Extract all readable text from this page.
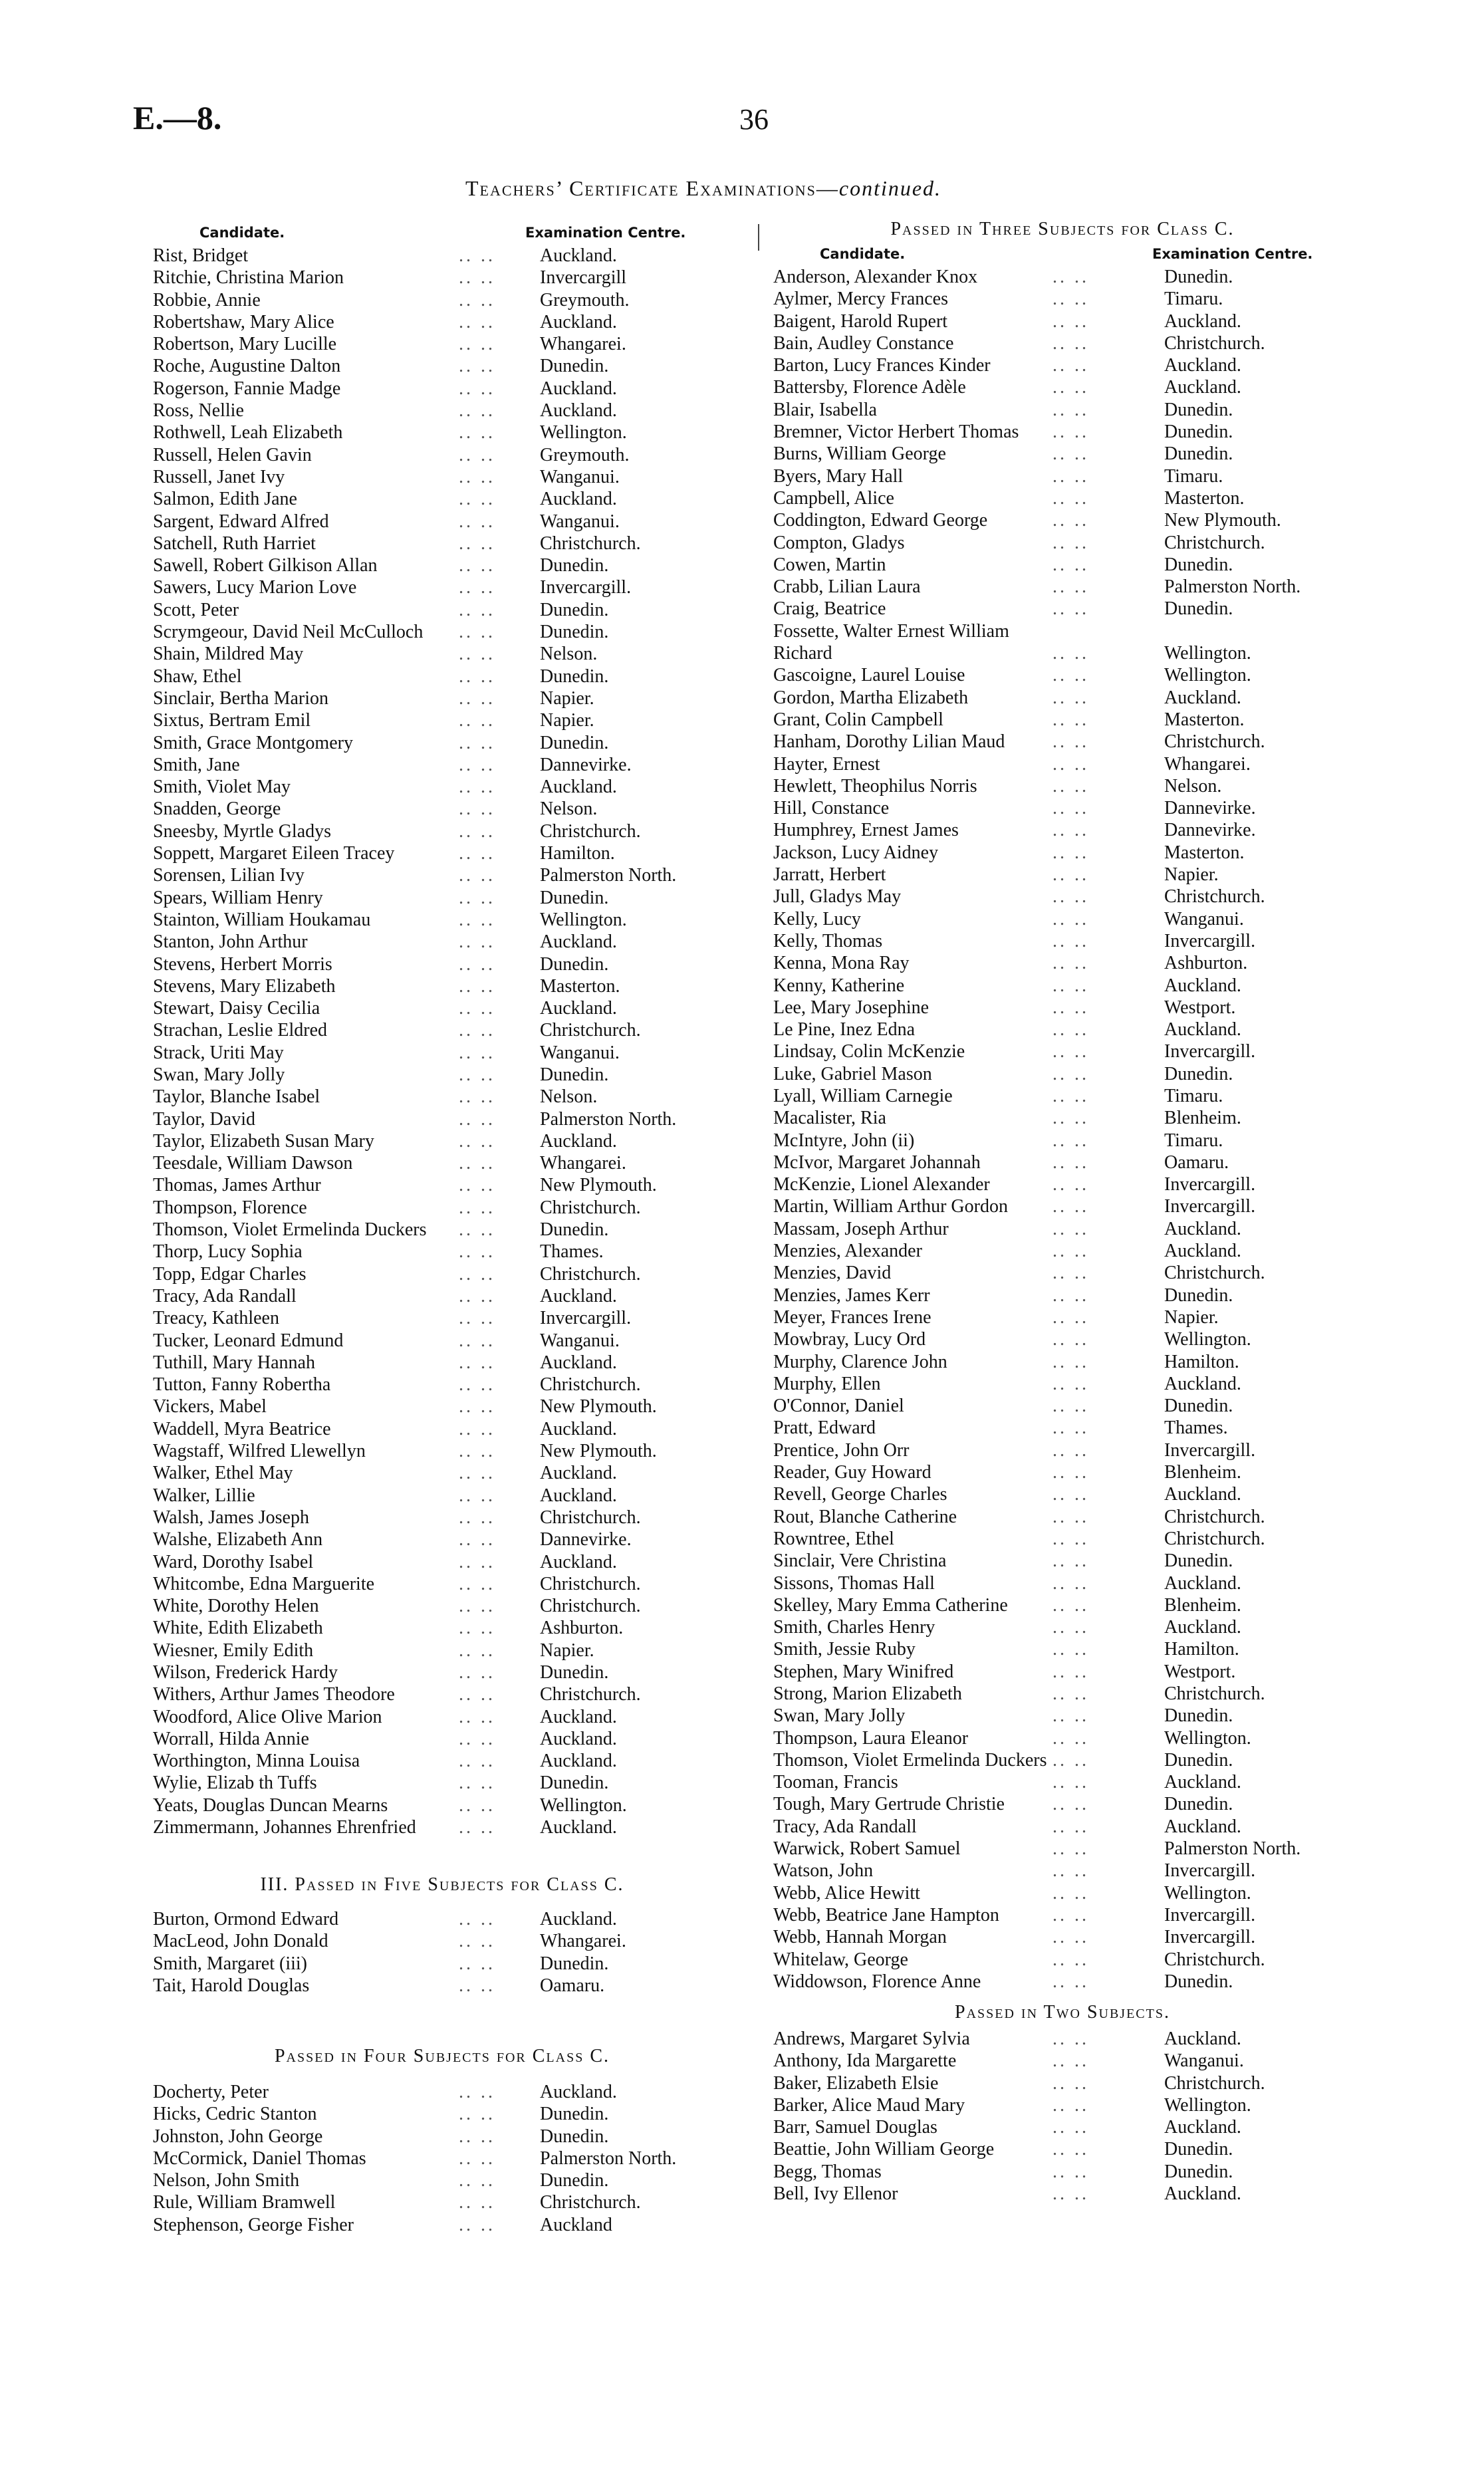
E.—8.	36
Teachers’ Certificate Examinations—continued.
Candidate.	Examination Centre.
Rist, Bridget	.. ..	Auckland.
Ritchie, Christina Marion	.. ..	Invercargill
Robbie, Annie	.. ..	Greymouth.
Robertshaw, Mary Alice	.. ..	Auckland.
Robertson, Mary Lucille	.. ..	Whangarei.
Roche, Augustine Dalton	.. ..	Dunedin.
Rogerson, Fannie Madge	.. ..	Auckland.
Ross, Nellie	.. ..	Auckland.
Rothwell, Leah Elizabeth	.. ..	Wellington.
Russell, Helen Gavin	.. ..	Greymouth.
Russell, Janet Ivy	.. ..	Wanganui.
Salmon, Edith Jane	.. ..	Auckland.
Sargent, Edward Alfred	.. ..	Wanganui.
Satchell, Ruth Harriet	.. ..	Christchurch.
Sawell, Robert Gilkison Allan	.. ..	Dunedin.
Sawers, Lucy Marion Love	.. ..	Invercargill.
Scott, Peter	.. ..	Dunedin.
Scrymgeour, David Neil McCulloch	.. ..	Dunedin.
Shain, Mildred May	.. ..	Nelson.
Shaw, Ethel	.. ..	Dunedin.
Sinclair, Bertha Marion	.. ..	Napier.
Sixtus, Bertram Emil	.. ..	Napier.
Smith, Grace Montgomery	.. ..	Dunedin.
Smith, Jane	.. ..	Dannevirke.
Smith, Violet May	.. ..	Auckland.
Snadden, George	.. ..	Nelson.
Sneesby, Myrtle Gladys	.. ..	Christchurch.
Soppett, Margaret Eileen Tracey	.. ..	Hamilton.
Sorensen, Lilian Ivy	.. ..	Palmerston North.
Spears, William Henry	.. ..	Dunedin.
Stainton, William Houkamau	.. ..	Wellington.
Stanton, John Arthur	.. ..	Auckland.
Stevens, Herbert Morris	.. ..	Dunedin.
Stevens, Mary Elizabeth	.. ..	Masterton.
Stewart, Daisy Cecilia	.. ..	Auckland.
Strachan, Leslie Eldred	.. ..	Christchurch.
Strack, Uriti May	.. ..	Wanganui.
Swan, Mary Jolly	.. ..	Dunedin.
Taylor, Blanche Isabel	.. ..	Nelson.
Taylor, David	.. ..	Palmerston North.
Taylor, Elizabeth Susan Mary	.. ..	Auckland.
Teesdale, William Dawson	.. ..	Whangarei.
Thomas, James Arthur	.. ..	New Plymouth.
Thompson, Florence	.. ..	Christchurch.
Thomson, Violet Ermelinda Duckers	.. ..	Dunedin.
Thorp, Lucy Sophia	.. ..	Thames.
Topp, Edgar Charles	.. ..	Christchurch.
Tracy, Ada Randall	.. ..	Auckland.
Treacy, Kathleen	.. ..	Invercargill.
Tucker, Leonard Edmund	.. ..	Wanganui.
Tuthill, Mary Hannah	.. ..	Auckland.
Tutton, Fanny Robertha	.. ..	Christchurch.
Vickers, Mabel	.. ..	New Plymouth.
Waddell, Myra Beatrice	.. ..	Auckland.
Wagstaff, Wilfred Llewellyn	.. ..	New Plymouth.
Walker, Ethel May	.. ..	Auckland.
Walker, Lillie	.. ..	Auckland.
Walsh, James Joseph	.. ..	Christchurch.
Walshe, Elizabeth Ann	.. ..	Dannevirke.
Ward, Dorothy Isabel	.. ..	Auckland.
Whitcombe, Edna Marguerite	.. ..	Christchurch.
White, Dorothy Helen	.. ..	Christchurch.
White, Edith Elizabeth	.. ..	Ashburton.
Wiesner, Emily Edith	.. ..	Napier.
Wilson, Frederick Hardy	.. ..	Dunedin.
Withers, Arthur James Theodore	.. ..	Christchurch.
Woodford, Alice Olive Marion	.. ..	Auckland.
Worrall, Hilda Annie	.. ..	Auckland.
Worthington, Minna Louisa	.. ..	Auckland.
Wylie, Elizab th Tuffs	.. ..	Dunedin.
Yeats, Douglas Duncan Mearns	.. ..	Wellington.
Zimmermann, Johannes Ehrenfried	.. ..	Auckland.
III. Passed in Five Subjects for Class C.
Burton, Ormond Edward	.. ..	Auckland.
MacLeod, John Donald	.. ..	Whangarei.
Smith, Margaret (iii)	.. ..	Dunedin.
Tait, Harold Douglas	.. ..	Oamaru.
Passed in Four Subjects for Class C.
Docherty, Peter	.. ..	Auckland.
Hicks, Cedric Stanton	.. ..	Dunedin.
Johnston, John George	.. ..	Dunedin.
McCormick, Daniel Thomas	.. ..	Palmerston North.
Nelson, John Smith	.. ..	Dunedin.
Rule, William Bramwell	.. ..	Christchurch.
Stephenson, George Fisher	.. ..	Auckland
Passed in Three Subjects for Class C.
Candidate.	Examination Centre.
Anderson, Alexander Knox	.. ..	Dunedin.
Aylmer, Mercy Frances	.. ..	Timaru.
Baigent, Harold Rupert	.. ..	Auckland.
Bain, Audley Constance	.. ..	Christchurch.
Barton, Lucy Frances Kinder	.. ..	Auckland.
Battersby, Florence Adèle	.. ..	Auckland.
Blair, Isabella	.. ..	Dunedin.
Bremner, Victor Herbert Thomas	.. ..	Dunedin.
Burns, William George	.. ..	Dunedin.
Byers, Mary Hall	.. ..	Timaru.
Campbell, Alice	.. ..	Masterton.
Coddington, Edward George	.. ..	New Plymouth.
Compton, Gladys	.. ..	Christchurch.
Cowen, Martin	.. ..	Dunedin.
Crabb, Lilian Laura	.. ..	Palmerston North.
Craig, Beatrice	.. ..	Dunedin.
Fossette, Walter Ernest William
Richard	.. ..	Wellington.
Gascoigne, Laurel Louise	.. ..	Wellington.
Gordon, Martha Elizabeth	.. ..	Auckland.
Grant, Colin Campbell	.. ..	Masterton.
Hanham, Dorothy Lilian Maud	.. ..	Christchurch.
Hayter, Ernest	.. ..	Whangarei.
Hewlett, Theophilus Norris	.. ..	Nelson.
Hill, Constance	.. ..	Dannevirke.
Humphrey, Ernest James	.. ..	Dannevirke.
Jackson, Lucy Aidney	.. ..	Masterton.
Jarratt, Herbert	.. ..	Napier.
Jull, Gladys May	.. ..	Christchurch.
Kelly, Lucy	.. ..	Wanganui.
Kelly, Thomas	.. ..	Invercargill.
Kenna, Mona Ray	.. ..	Ashburton.
Kenny, Katherine	.. ..	Auckland.
Lee, Mary Josephine	.. ..	Westport.
Le Pine, Inez Edna	.. ..	Auckland.
Lindsay, Colin McKenzie	.. ..	Invercargill.
Luke, Gabriel Mason	.. ..	Dunedin.
Lyall, William Carnegie	.. ..	Timaru.
Macalister, Ria	.. ..	Blenheim.
McIntyre, John (ii)	.. ..	Timaru.
McIvor, Margaret Johannah	.. ..	Oamaru.
McKenzie, Lionel Alexander	.. ..	Invercargill.
Martin, William Arthur Gordon	.. ..	Invercargill.
Massam, Joseph Arthur	.. ..	Auckland.
Menzies, Alexander	.. ..	Auckland.
Menzies, David	.. ..	Christchurch.
Menzies, James Kerr	.. ..	Dunedin.
Meyer, Frances Irene	.. ..	Napier.
Mowbray, Lucy Ord	.. ..	Wellington.
Murphy, Clarence John	.. ..	Hamilton.
Murphy, Ellen	.. ..	Auckland.
O'Connor, Daniel	.. ..	Dunedin.
Pratt, Edward	.. ..	Thames.
Prentice, John Orr	.. ..	Invercargill.
Reader, Guy Howard	.. ..	Blenheim.
Revell, George Charles	.. ..	Auckland.
Rout, Blanche Catherine	.. ..	Christchurch.
Rowntree, Ethel	.. ..	Christchurch.
Sinclair, Vere Christina	.. ..	Dunedin.
Sissons, Thomas Hall	.. ..	Auckland.
Skelley, Mary Emma Catherine	.. ..	Blenheim.
Smith, Charles Henry	.. ..	Auckland.
Smith, Jessie Ruby	.. ..	Hamilton.
Stephen, Mary Winifred	.. ..	Westport.
Strong, Marion Elizabeth	.. ..	Christchurch.
Swan, Mary Jolly	.. ..	Dunedin.
Thompson, Laura Eleanor	.. ..	Wellington.
Thomson, Violet Ermelinda Duckers .. ..	Dunedin.
Tooman, Francis	.. ..	Auckland.
Tough, Mary Gertrude Christie	.. ..	Dunedin.
Tracy, Ada Randall	.. ..	Auckland.
Warwick, Robert Samuel	.. ..	Palmerston North.
Watson, John	.. ..	Invercargill.
Webb, Alice Hewitt	.. ..	Wellington.
Webb, Beatrice Jane Hampton	.. ..	Invercargill.
Webb, Hannah Morgan	.. ..	Invercargill.
Whitelaw, George	.. ..	Christchurch.
Widdowson, Florence Anne	.. ..	Dunedin.
Passed in Two Subjects.
Andrews, Margaret Sylvia	.. ..	Auckland.
Anthony, Ida Margarette	.. ..	Wanganui.
Baker, Elizabeth Elsie	.. ..	Christchurch.
Barker, Alice Maud Mary	.. ..	Wellington.
Barr, Samuel Douglas	.. ..	Auckland.
Beattie, John William George	.. ..	Dunedin.
Begg, Thomas	.. ..	Dunedin.
Bell, Ivy Ellenor	.. ..	Auckland.
